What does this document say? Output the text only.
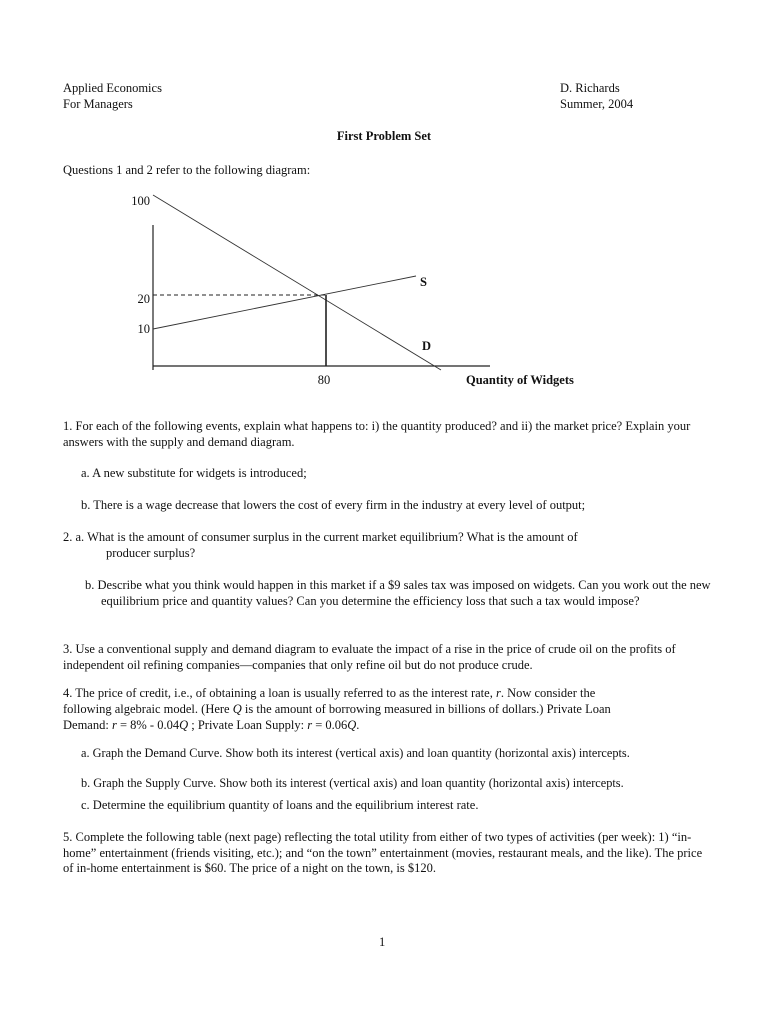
Applied Economics

For Managers

D. Richards

Summer, 2004

First Problem Set

Questions 1 and 2 refer to the following diagram:

100
20
10
80
S
D
Quantity of Widgets

1. For each of the following events, explain what happens to: i) the quantity produced? and ii) the market price? Explain your answers with the supply and demand diagram.

a. A new substitute for widgets is introduced;

b. There is a wage decrease that lowers the cost of every firm in the industry at every level of output;

2. a. What is the amount of consumer surplus in the current market equilibrium? What is the amount of

producer surplus?

b. Describe what you think would happen in this market if a $9 sales tax was imposed on widgets. Can you work out the new equilibrium price and quantity values? Can you determine the efficiency loss that such a tax would impose?

3. Use a conventional supply and demand diagram to evaluate the impact of a rise in the price of crude oil on the profits of independent oil refining companies—companies that only refine oil but do not produce crude.

4. The price of credit, i.e., of obtaining a loan is usually referred to as the interest rate, r. Now consider the

following algebraic model. (Here Q is the amount of borrowing measured in billions of dollars.) Private Loan

Demand: r = 8% - 0.04Q ; Private Loan Supply: r = 0.06Q.

a. Graph the Demand Curve. Show both its interest (vertical axis) and loan quantity (horizontal axis) intercepts.

b. Graph the Supply Curve. Show both its interest (vertical axis) and loan quantity (horizontal axis) intercepts.

c. Determine the equilibrium quantity of loans and the equilibrium interest rate.

5. Complete the following table (next page) reflecting the total utility from either of two types of activities (per week): 1) “in-home” entertainment (friends visiting, etc.); and “on the town” entertainment (movies, restaurant meals, and the like). The price of in-home entertainment is $60. The price of a night on the town, is $120.

1
